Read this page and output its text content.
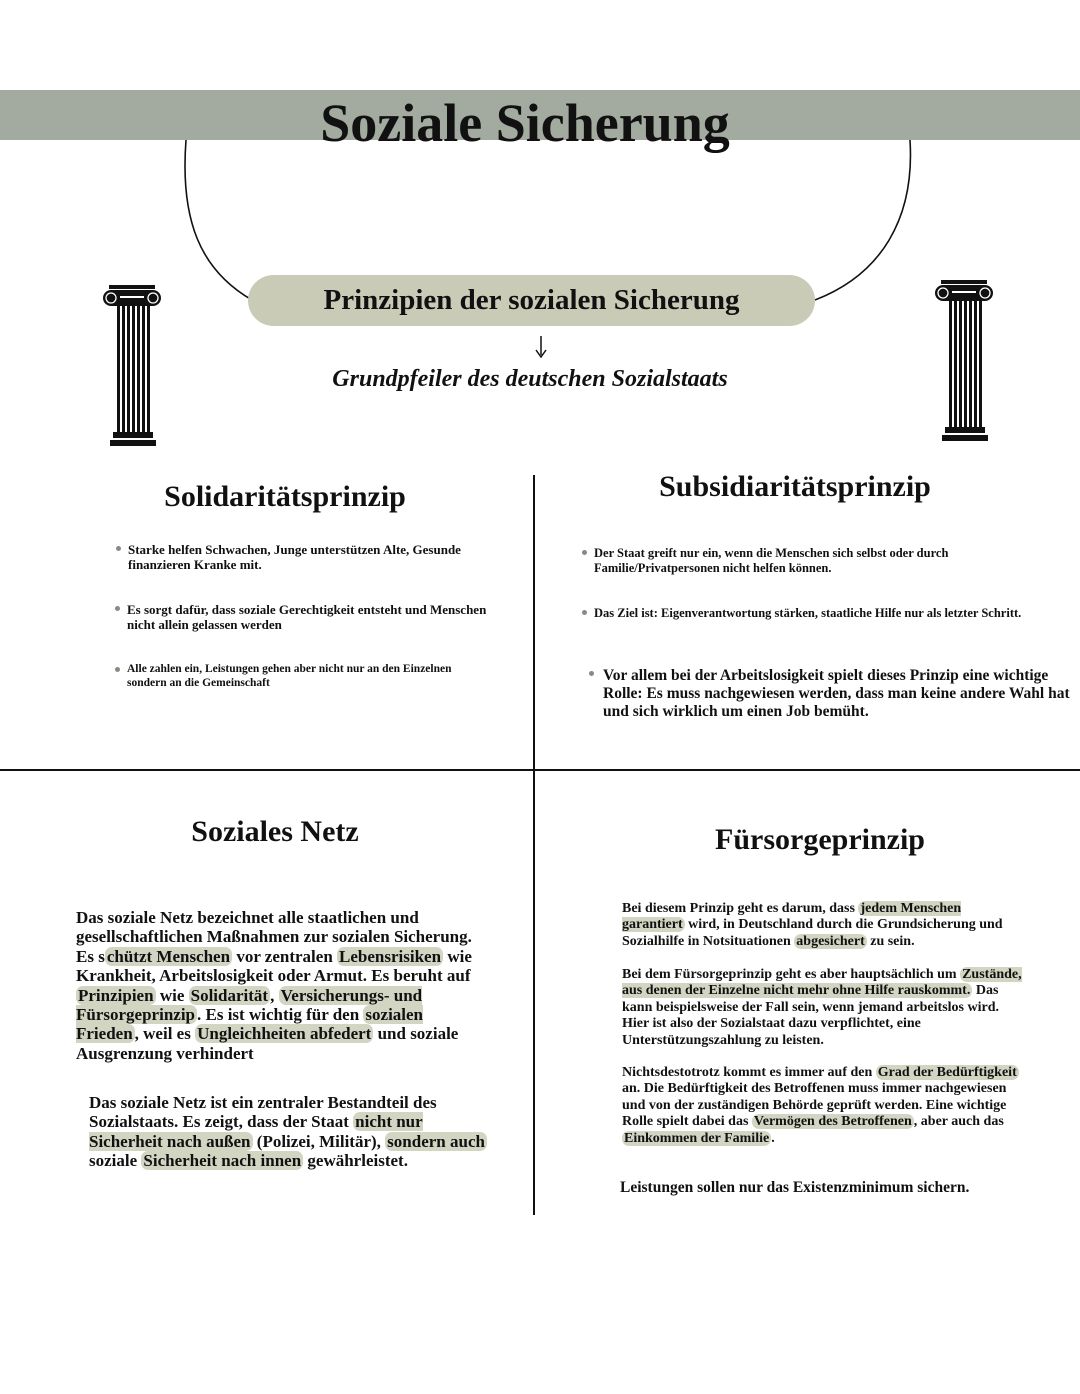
Soziale Sicherung
Prinzipien der sozialen Sicherung
Grundpfeiler des deutschen Sozialstaats
Solidaritätsprinzip
Starke helfen Schwachen, Junge unterstützen Alte, Gesunde finanzieren Kranke mit.
Es sorgt dafür, dass soziale Gerechtigkeit entsteht und Menschen nicht allein gelassen werden
Alle zahlen ein, Leistungen gehen aber nicht nur an den Einzelnen sondern an die Gemeinschaft
Subsidiaritätsprinzip
Der Staat greift nur ein, wenn die Menschen sich selbst oder durch Familie/Privatpersonen nicht helfen können.
Das Ziel ist: Eigenverantwortung stärken, staatliche Hilfe nur als letzter Schritt.
Vor allem bei der Arbeitslosigkeit spielt dieses Prinzip eine wichtige Rolle: Es muss nachgewiesen werden, dass man keine andere Wahl hat und sich wirklich um einen Job bemüht.
Soziales Netz
Das soziale Netz bezeichnet alle staatlichen und gesellschaftlichen Maßnahmen zur sozialen Sicherung. Es s chützt Menschen vor zentralen Lebensrisiken wie Krankheit, Arbeitslosigkeit oder Armut. Es beruht auf Prinzipien wie Solidarität , Versicherungs- und Fürsorgeprinzip . Es ist wichtig für den sozialen Frieden , weil es Ungleichheiten abfedert und soziale Ausgrenzung verhindert
Das soziale Netz ist ein zentraler Bestandteil des Sozialstaats. Es zeigt, dass der Staat nicht nur Sicherheit nach außen (Polizei, Militär), sondern auch soziale Sicherheit nach innen gewährleistet.
Fürsorgeprinzip
Bei diesem Prinzip geht es darum, dass jedem Menschen garantiert wird, in Deutschland durch die Grundsicherung und Sozialhilfe in Notsituationen abgesichert zu sein.
Bei dem Fürsorgeprinzip geht es aber hauptsächlich um Zustände, aus denen der Einzelne nicht mehr ohne Hilfe rauskommt. Das kann beispielsweise der Fall sein, wenn jemand arbeitslos wird. Hier ist also der Sozialstaat dazu verpflichtet, eine Unterstützungszahlung zu leisten.
Nichtsdestotrotz kommt es immer auf den Grad der Bedürftigkeit an. Die Bedürftigkeit des Betroffenen muss immer nachgewiesen und von der zuständigen Behörde geprüft werden. Eine wichtige Rolle spielt dabei das Vermögen des Betroffenen , aber auch das Einkommen der Familie .
Leistungen sollen nur das Existenzminimum sichern.
